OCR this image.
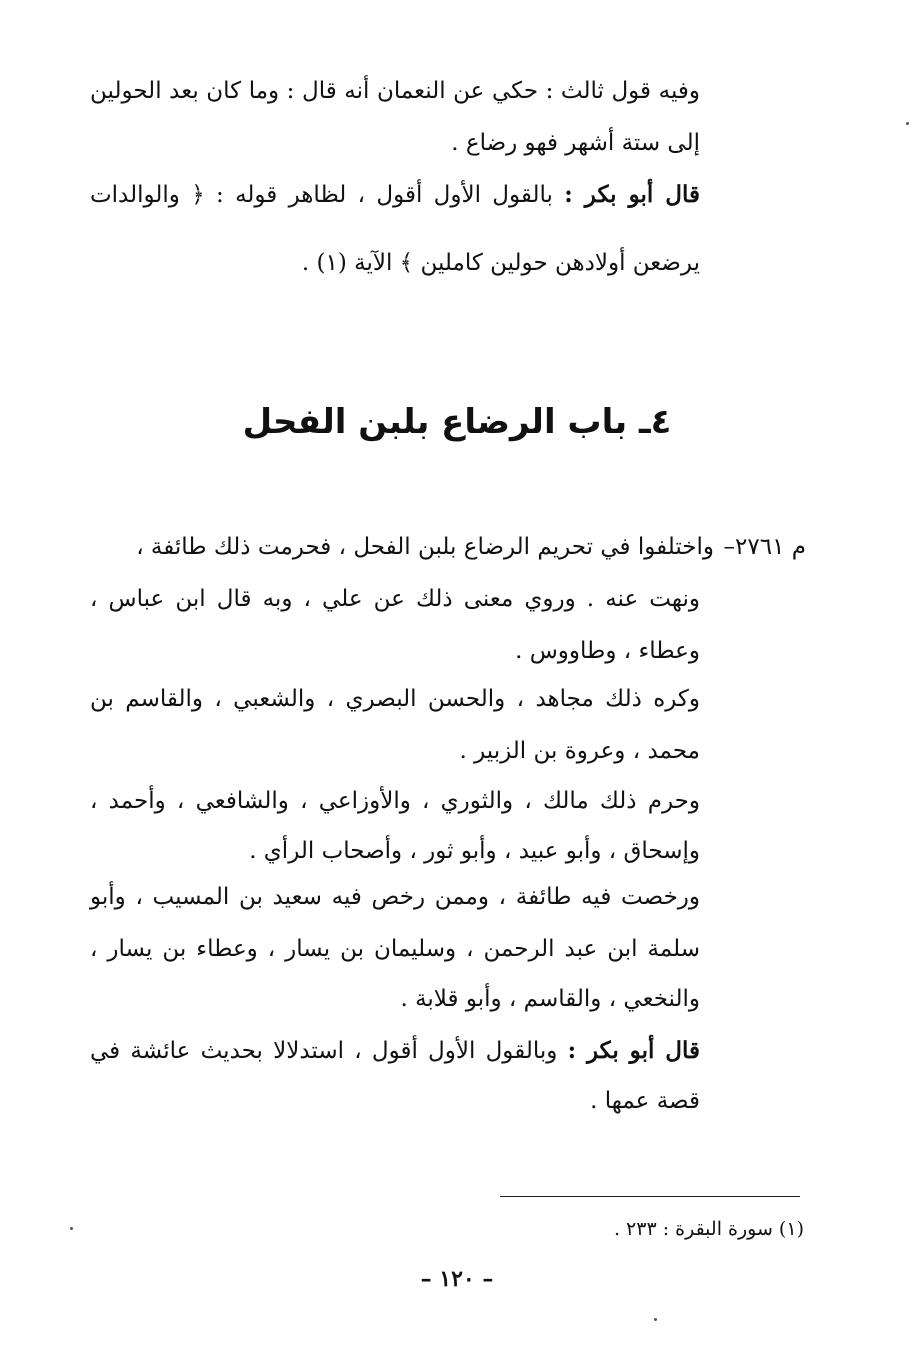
وفيه قول ثالث : حكي عن النعمان أنه قال : وما كان بعد الحولين
إلى ستة أشهر فهو رضاع .
قال أبو بكر : بالقول الأول أقول ، لظاهر قوله : ﴿ والوالدات
يرضعن أولادهن حولين كاملين ﴾ الآية (١) .
٤ـ باب الرضاع بلبن الفحل
م ٢٧٦١–
واختلفوا في تحريم الرضاع بلبن الفحل ، فحرمت ذلك طائفة ،
ونهت عنه . وروي معنى ذلك عن علي ، وبه قال ابن عباس ،
وعطاء ، وطاووس .
وكره ذلك مجاهد ، والحسن البصري ، والشعبي ، والقاسم بن
محمد ، وعروة بن الزبير .
وحرم ذلك مالك ، والثوري ، والأوزاعي ، والشافعي ، وأحمد ،
وإسحاق ، وأبو عبيد ، وأبو ثور ، وأصحاب الرأي .
ورخصت فيه طائفة ، وممن رخص فيه سعيد بن المسيب ، وأبو
سلمة ابن عبد الرحمن ، وسليمان بن يسار ، وعطاء بن يسار ،
والنخعي ، والقاسم ، وأبو قلابة .
قال أبو بكر : وبالقول الأول أقول ، استدلالا بحديث عائشة في
قصة عمها .
(١) سورة البقرة : ٢٣٣ .
– ١٢٠ –
